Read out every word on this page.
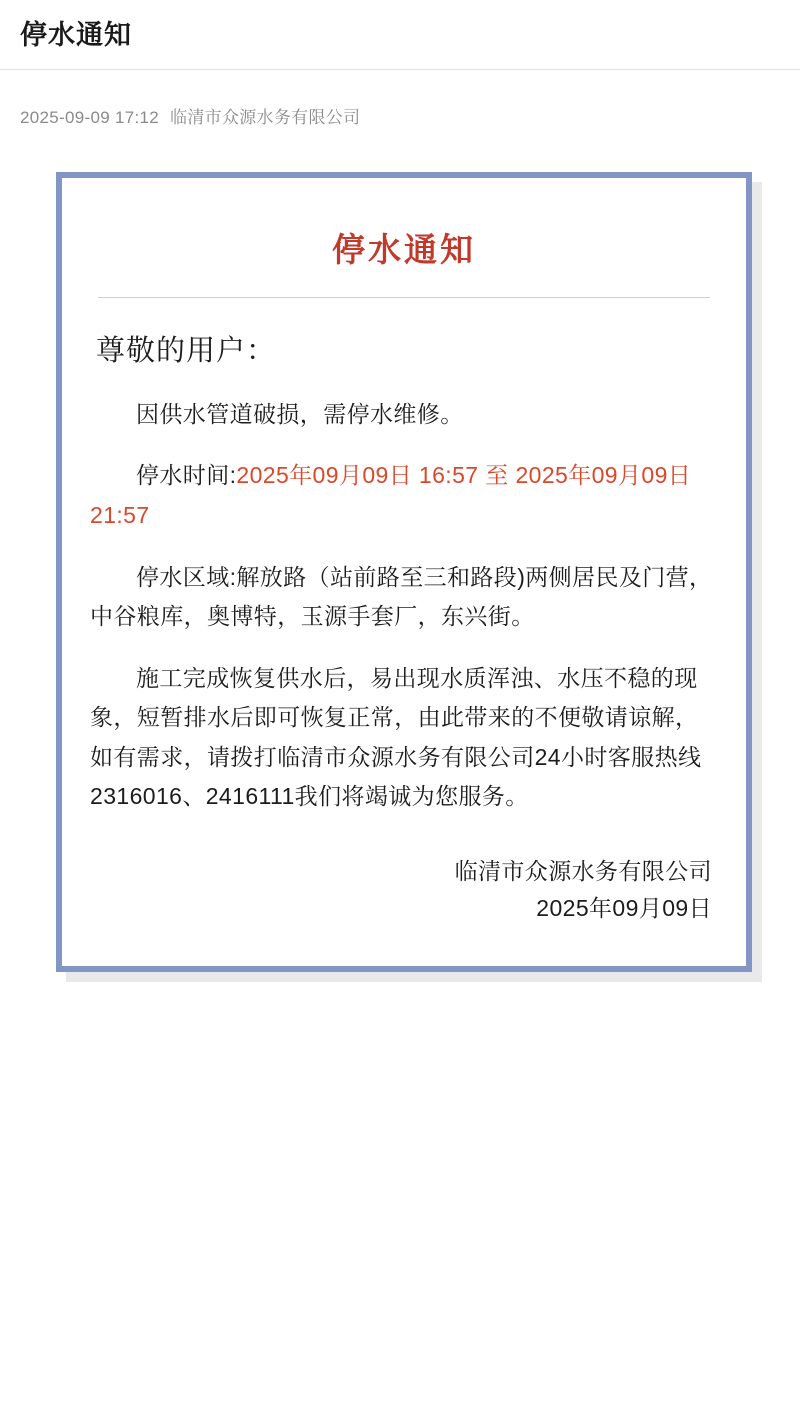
停水通知
2025-09-09 17:12 临清市众源水务有限公司
停水通知
尊敬的用户：

因供水管道破损，需停水维修。

停水时间:2025年09月09日 16:57 至 2025年09月09日 21:57

停水区域:解放路（站前路至三和路段)两侧居民及门营，中谷粮库，奥博特，玉源手套厂，东兴街。

施工完成恢复供水后，易出现水质浑浊、水压不稳的现象，短暂排水后即可恢复正常，由此带来的不便敬请谅解，如有需求，请拨打临清市众源水务有限公司24小时客服热线2316016、2416111我们将竭诚为您服务。

临清市众源水务有限公司
2025年09月09日
